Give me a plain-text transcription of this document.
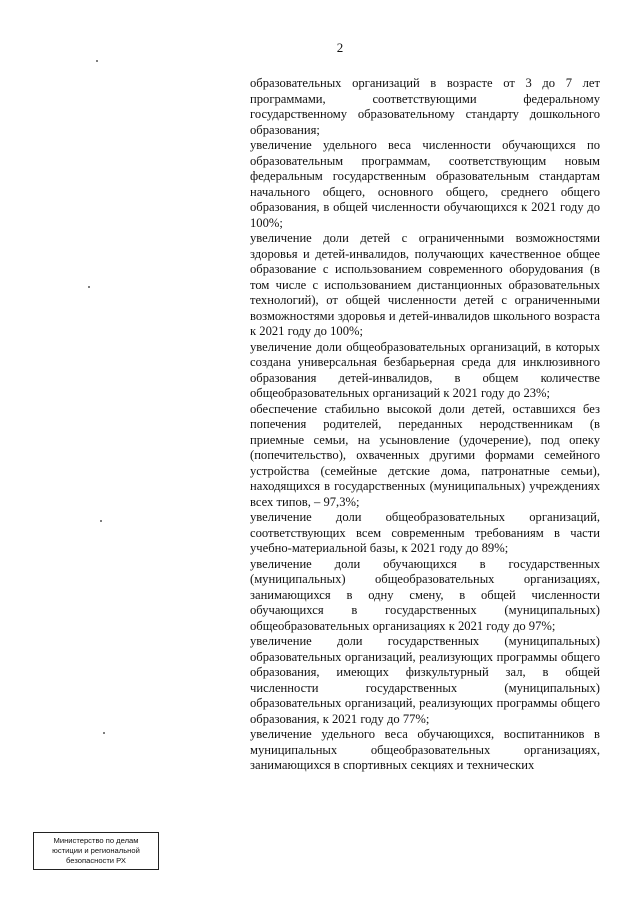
2

образовательных организаций в возрасте от 3 до 7 лет программами, соответствующими федеральному государственному образовательному стандарту дошкольного образования;

увеличение удельного веса численности обучающихся по образовательным программам, соответствующим новым федеральным государственным образовательным стандартам начального общего, основного общего, среднего общего образования, в общей численности обучающихся к 2021 году до 100%;

увеличение доли детей с ограниченными возможностями здоровья и детей-инвалидов, получающих качественное общее образование с использованием современного оборудования (в том числе с использованием дистанционных образовательных технологий), от общей численности детей с ограниченными возможностями здоровья и детей-инвалидов школьного возраста к 2021 году до 100%;

увеличение доли общеобразовательных организаций, в которых создана универсальная безбарьерная среда для инклюзивного образования детей-инвалидов, в общем количестве общеобразовательных организаций к 2021 году до 23%;

обеспечение стабильно высокой доли детей, оставшихся без попечения родителей, переданных неродственникам (в приемные семьи, на усыновление (удочерение), под опеку (попечительство), охваченных другими формами семейного устройства (семейные детские дома, патронатные семьи), находящихся в государственных (муниципальных) учреждениях всех типов, – 97,3%;

увеличение доли общеобразовательных организаций, соответствующих всем современным требованиям в части учебно-материальной базы, к 2021 году до 89%;

увеличение доли обучающихся в государственных (муниципальных) общеобразовательных организациях, занимающихся в одну смену, в общей численности обучающихся в государственных (муниципальных) общеобразовательных организациях к 2021 году до 97%;

увеличение доли государственных (муниципальных) образовательных организаций, реализующих программы общего образования, имеющих физкультурный зал, в общей численности государственных (муниципальных) образовательных организаций, реализующих программы общего образования, к 2021 году до 77%;

увеличение удельного веса обучающихся, воспитанников в муниципальных общеобразовательных организациях, занимающихся в спортивных секциях и технических

Министерство по делам
юстиции и региональной
безопасности РХ
